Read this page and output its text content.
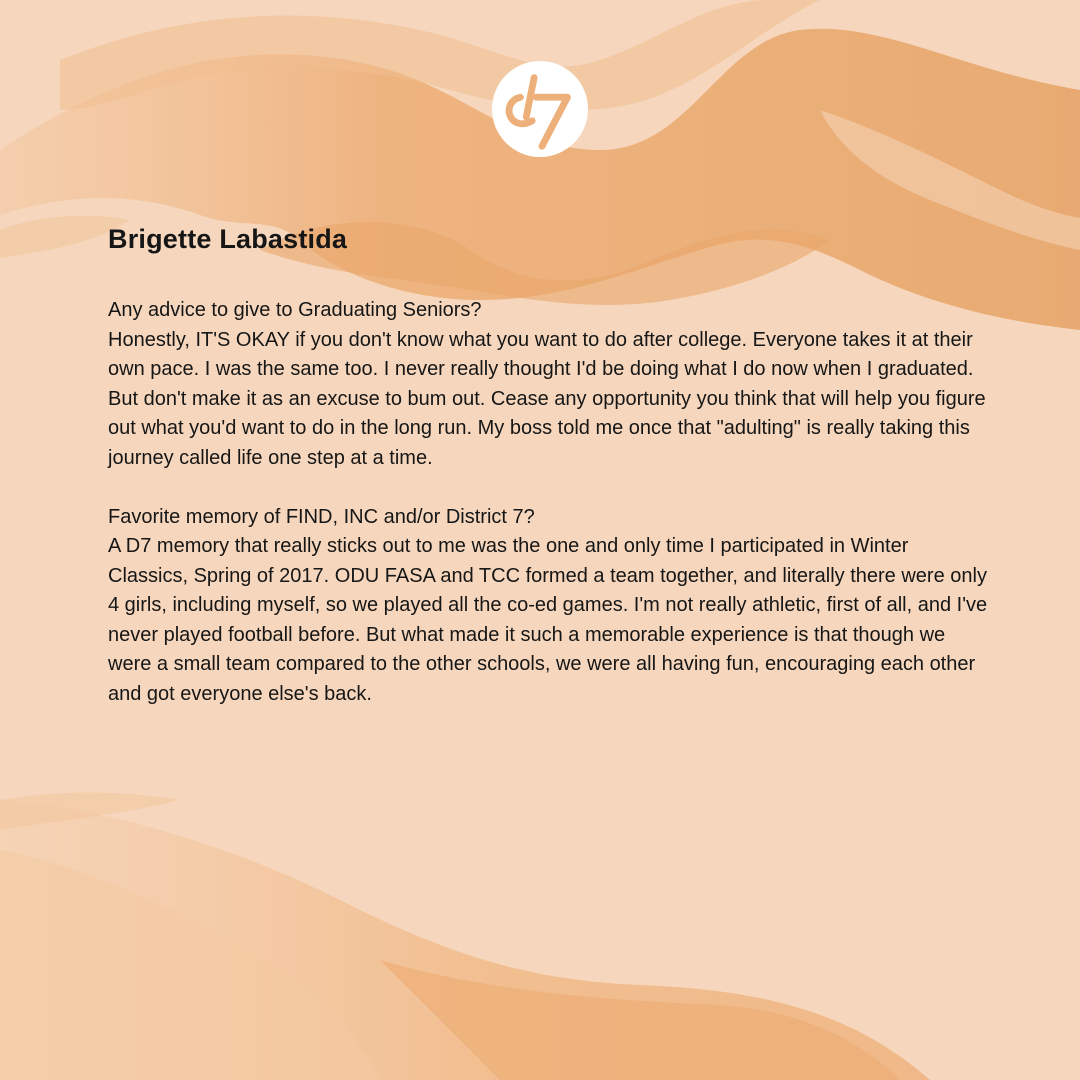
Brigette Labastida

Any advice to give to Graduating Seniors?

Honestly, IT'S OKAY if you don't know what you want to do after college. Everyone takes it at their own pace. I was the same too. I never really thought I'd be doing what I do now when I graduated. But don't make it as an excuse to bum out. Cease any opportunity you think that will help you figure out what you'd want to do in the long run. My boss told me once that "adulting" is really taking this journey called life one step at a time.

Favorite memory of FIND, INC and/or District 7?

A D7 memory that really sticks out to me was the one and only time I participated in Winter Classics, Spring of 2017. ODU FASA and TCC formed a team together, and literally there were only 4 girls, including myself, so we played all the co-ed games. I'm not really athletic, first of all, and I've never played football before. But what made it such a memorable experience is that though we were a small team compared to the other schools, we were all having fun, encouraging each other and got everyone else's back.
